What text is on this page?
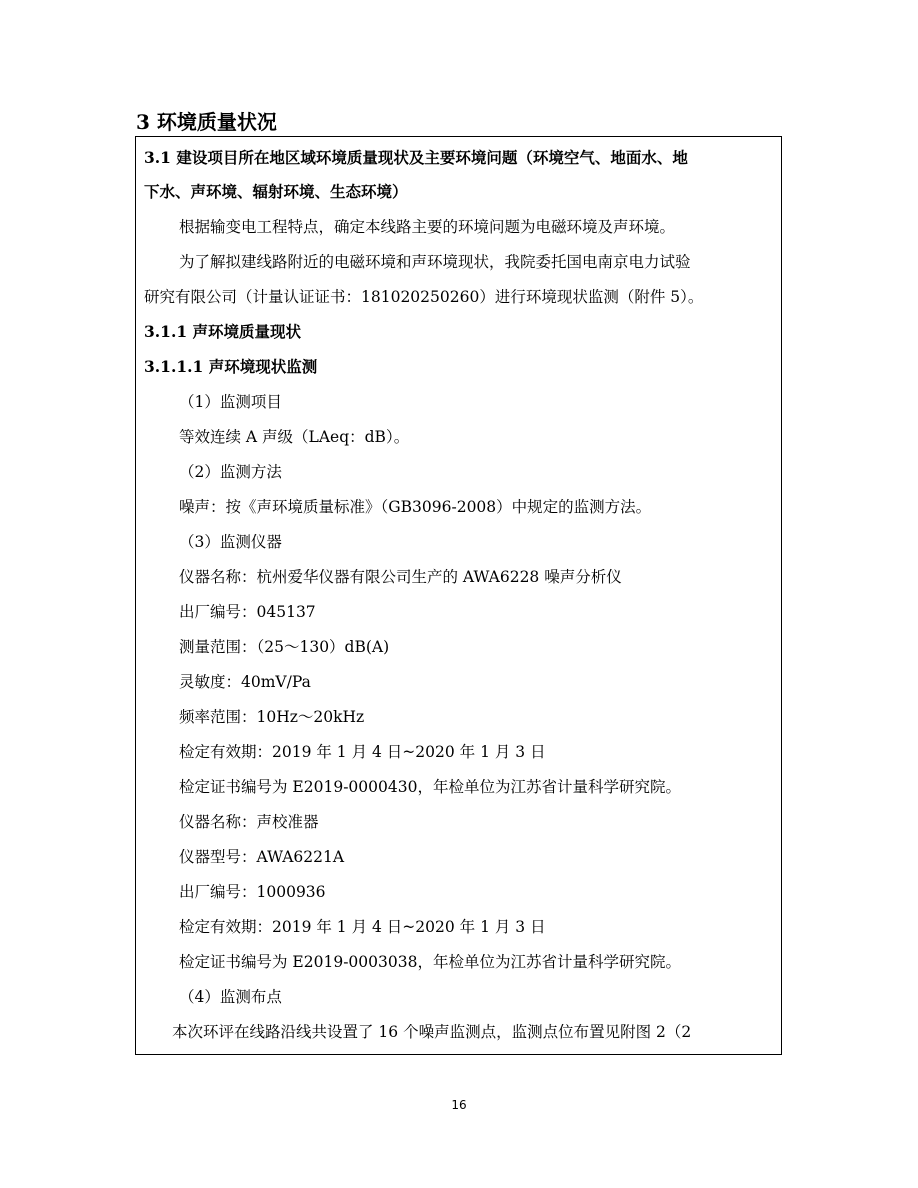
3 环境质量状况
3.1 建设项目所在地区域环境质量现状及主要环境问题（环境空气、地面水、地
下水、声环境、辐射环境、生态环境）
根据输变电工程特点，确定本线路主要的环境问题为电磁环境及声环境。
为了解拟建线路附近的电磁环境和声环境现状，我院委托国电南京电力试验
研究有限公司（计量认证证书：181020250260）进行环境现状监测（附件 5）。
3.1.1 声环境质量现状
3.1.1.1 声环境现状监测
（1）监测项目
等效连续 A 声级（LAeq：dB）。
（2）监测方法
噪声：按《声环境质量标准》（GB3096-2008）中规定的监测方法。
（3）监测仪器
仪器名称：杭州爱华仪器有限公司生产的 AWA6228 噪声分析仪
出厂编号：045137
测量范围：（25～130）dB(A)
灵敏度：40mV/Pa
频率范围：10Hz～20kHz
检定有效期：2019 年 1 月 4 日~2020 年 1 月 3 日
检定证书编号为 E2019-0000430，年检单位为江苏省计量科学研究院。
仪器名称：声校准器
仪器型号：AWA6221A
出厂编号：1000936
检定有效期：2019 年 1 月 4 日~2020 年 1 月 3 日
检定证书编号为 E2019-0003038，年检单位为江苏省计量科学研究院。
（4）监测布点
本次环评在线路沿线共设置了 16 个噪声监测点，监测点位布置见附图 2（2
16
